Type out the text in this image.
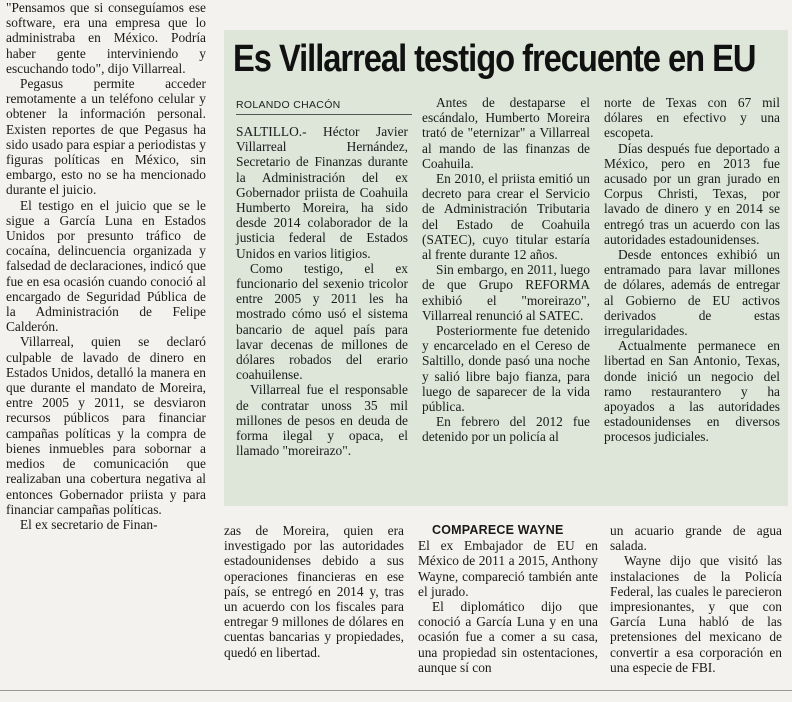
"Pensamos que si conseguíamos ese software, era una empresa que lo administraba en México. Podría haber gente interviniendo y escuchando todo", dijo Villarreal.

Pegasus permite acceder remotamente a un teléfono celular y obtener la información personal. Existen reportes de que Pegasus ha sido usado para espiar a periodistas y figuras políticas en México, sin embargo, esto no se ha mencionado durante el juicio.

El testigo en el juicio que se le sigue a García Luna en Estados Unidos por presunto tráfico de cocaína, delincuencia organizada y falsedad de declaraciones, indicó que fue en esa ocasión cuando conoció al encargado de Seguridad Pública de la Administración de Felipe Calderón.

Villarreal, quien se declaró culpable de lavado de dinero en Estados Unidos, detalló la manera en que durante el mandato de Moreira, entre 2005 y 2011, se desviaron recursos públicos para financiar campañas políticas y la compra de bienes inmuebles para sobornar a medios de comunicación que realizaban una cobertura negativa al entonces Gobernador priista y para financiar campañas políticas.

El ex secretario de Finan-

Es Villarreal testigo frecuente en EU
ROLANDO CHACÓN

SALTILLO.- Héctor Javier Villarreal Hernández, Secretario de Finanzas durante la Administración del ex Gobernador priista de Coahuila Humberto Moreira, ha sido desde 2014 colaborador de la justicia federal de Estados Unidos en varios litigios.

Como testigo, el ex funcionario del sexenio tricolor entre 2005 y 2011 les ha mostrado cómo usó el sistema bancario de aquel país para lavar decenas de millones de dólares robados del erario coahuilense.

Villarreal fue el responsable de contratar unoss 35 mil millones de pesos en deuda de forma ilegal y opaca, el llamado "moreirazo".

Antes de destaparse el escándalo, Humberto Moreira trató de "eternizar" a Villarreal al mando de las finanzas de Coahuila.

En 2010, el priista emitió un decreto para crear el Servicio de Administración Tributaria del Estado de Coahuila (SATEC), cuyo titular estaría al frente durante 12 años.

Sin embargo, en 2011, luego de que Grupo REFORMA exhibió el "moreirazo", Villarreal renunció al SATEC.

Posteriormente fue detenido y encarcelado en el Cereso de Saltillo, donde pasó una noche y salió libre bajo fianza, para luego de saparecer de la vida pública.

En febrero del 2012 fue detenido por un policía al

norte de Texas con 67 mil dólares en efectivo y una escopeta.

Días después fue deportado a México, pero en 2013 fue acusado por un gran jurado en Corpus Christi, Texas, por lavado de dinero y en 2014 se entregó tras un acuerdo con las autoridades estadounidenses.

Desde entonces exhibió un entramado para lavar millones de dólares, además de entregar al Gobierno de EU activos derivados de estas irregularidades.

Actualmente permanece en libertad en San Antonio, Texas, donde inició un negocio del ramo restaurantero y ha apoyados a las autoridades estadounidenses en diversos procesos judiciales.

zas de Moreira, quien era investigado por las autoridades estadounidenses debido a sus operaciones financieras en ese país, se entregó en 2014 y, tras un acuerdo con los fiscales para entregar 9 millones de dólares en cuentas bancarias y propiedades, quedó en libertad.

COMPARECE WAYNE

El ex Embajador de EU en México de 2011 a 2015, Anthony Wayne, compareció también ante el jurado.

El diplomático dijo que conoció a García Luna y en una ocasión fue a comer a su casa, una propiedad sin ostentaciones, aunque sí con

un acuario grande de agua salada.

Wayne dijo que visitó las instalaciones de la Policía Federal, las cuales le parecieron impresionantes, y que con García Luna habló de las pretensiones del mexicano de convertir a esa corporación en una especie de FBI.
